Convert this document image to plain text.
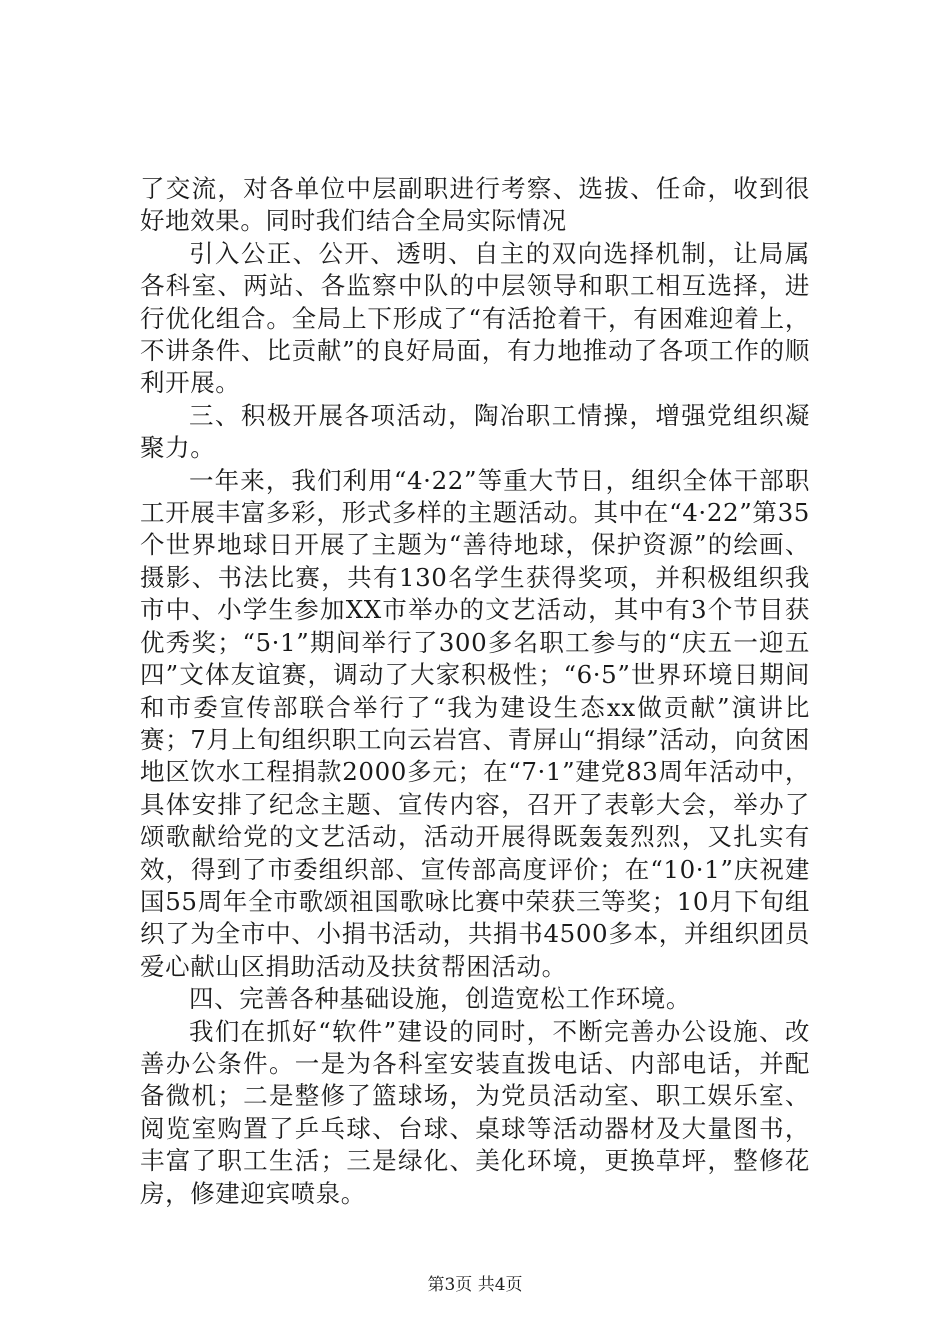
了交流，对各单位中层副职进行考察、选拔、任命，收到很好地效果。同时我们结合全局实际情况

引入公正、公开、透明、自主的双向选择机制，让局属各科室、两站、各监察中队的中层领导和职工相互选择，进行优化组合。全局上下形成了“有活抢着干，有困难迎着上，不讲条件、比贡献”的良好局面，有力地推动了各项工作的顺利开展。

三、积极开展各项活动，陶冶职工情操，增强党组织凝聚力。

一年来，我们利用“4·22”等重大节日，组织全体干部职工开展丰富多彩，形式多样的主题活动。其中在“4·22”第35个世界地球日开展了主题为“善待地球，保护资源”的绘画、摄影、书法比赛，共有130名学生获得奖项，并积极组织我市中、小学生参加XX市举办的文艺活动，其中有3个节目获优秀奖；“5·1”期间举行了300多名职工参与的“庆五一迎五四”文体友谊赛，调动了大家积极性；“6·5”世界环境日期间和市委宣传部联合举行了“我为建设生态xx做贡献”演讲比赛；7月上旬组织职工向云岩宫、青屏山“捐绿”活动，向贫困地区饮水工程捐款2000多元；在“7·1”建党83周年活动中，具体安排了纪念主题、宣传内容，召开了表彰大会，举办了颂歌献给党的文艺活动，活动开展得既轰轰烈烈，又扎实有效，得到了市委组织部、宣传部高度评价；在“10·1”庆祝建国55周年全市歌颂祖国歌咏比赛中荣获三等奖；10月下旬组织了为全市中、小捐书活动，共捐书4500多本，并组织团员爱心献山区捐助活动及扶贫帮困活动。

四、完善各种基础设施，创造宽松工作环境。

我们在抓好“软件”建设的同时，不断完善办公设施、改善办公条件。一是为各科室安装直拨电话、内部电话，并配备微机；二是整修了篮球场，为党员活动室、职工娱乐室、阅览室购置了乒乓球、台球、桌球等活动器材及大量图书，丰富了职工生活；三是绿化、美化环境，更换草坪，整修花房，修建迎宾喷泉。

第3页 共4页
